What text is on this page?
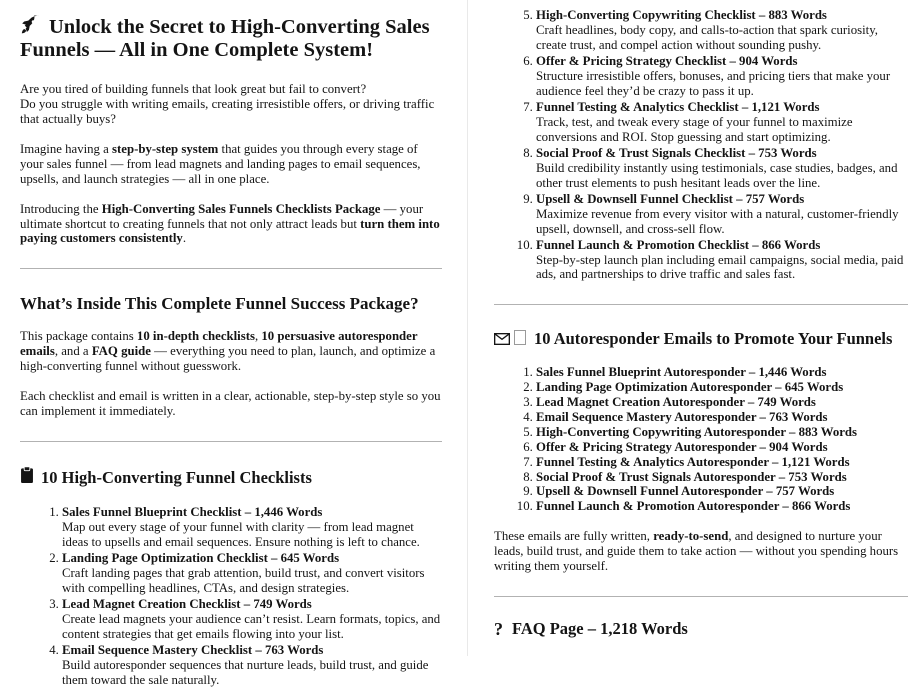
Unlock the Secret to High-Converting Sales Funnels — All in One Complete System!

Are you tired of building funnels that look great but fail to convert?
Do you struggle with writing emails, creating irresistible offers, or driving traffic that actually buys?

Imagine having a step-by-step system that guides you through every stage of your sales funnel — from lead magnets and landing pages to email sequences, upsells, and launch strategies — all in one place.

Introducing the High-Converting Sales Funnels Checklists Package — your ultimate shortcut to creating funnels that not only attract leads but turn them into paying customers consistently.

What’s Inside This Complete Funnel Success Package?

This package contains 10 in-depth checklists, 10 persuasive autoresponder emails, and a FAQ guide — everything you need to plan, launch, and optimize a high-converting funnel without guesswork.

Each checklist and email is written in a clear, actionable, step-by-step style so you can implement it immediately.

10 High-Converting Funnel Checklists
1. Sales Funnel Blueprint Checklist – 1,446 Words
Map out every stage of your funnel with clarity — from lead magnet ideas to upsells and email sequences. Ensure nothing is left to chance.
2. Landing Page Optimization Checklist – 645 Words
Craft landing pages that grab attention, build trust, and convert visitors with compelling headlines, CTAs, and design strategies.
3. Lead Magnet Creation Checklist – 749 Words
Create lead magnets your audience can’t resist. Learn formats, topics, and content strategies that get emails flowing into your list.
4. Email Sequence Mastery Checklist – 763 Words
Build autoresponder sequences that nurture leads, build trust, and guide them toward the sale naturally.
5. High-Converting Copywriting Checklist – 883 Words
Craft headlines, body copy, and calls-to-action that spark curiosity, create trust, and compel action without sounding pushy.
6. Offer & Pricing Strategy Checklist – 904 Words
Structure irresistible offers, bonuses, and pricing tiers that make your audience feel they’d be crazy to pass it up.
7. Funnel Testing & Analytics Checklist – 1,121 Words
Track, test, and tweak every stage of your funnel to maximize conversions and ROI. Stop guessing and start optimizing.
8. Social Proof & Trust Signals Checklist – 753 Words
Build credibility instantly using testimonials, case studies, badges, and other trust elements to push hesitant leads over the line.
9. Upsell & Downsell Funnel Checklist – 757 Words
Maximize revenue from every visitor with a natural, customer-friendly upsell, downsell, and cross-sell flow.
10. Funnel Launch & Promotion Checklist – 866 Words
Step-by-step launch plan including email campaigns, social media, paid ads, and partnerships to drive traffic and sales fast.
10 Autoresponder Emails to Promote Your Funnels
1. Sales Funnel Blueprint Autoresponder – 1,446 Words
2. Landing Page Optimization Autoresponder – 645 Words
3. Lead Magnet Creation Autoresponder – 749 Words
4. Email Sequence Mastery Autoresponder – 763 Words
5. High-Converting Copywriting Autoresponder – 883 Words
6. Offer & Pricing Strategy Autoresponder – 904 Words
7. Funnel Testing & Analytics Autoresponder – 1,121 Words
8. Social Proof & Trust Signals Autoresponder – 753 Words
9. Upsell & Downsell Funnel Autoresponder – 757 Words
10. Funnel Launch & Promotion Autoresponder – 866 Words

These emails are fully written, ready-to-send, and designed to nurture your leads, build trust, and guide them to take action — without you spending hours writing them yourself.

? FAQ Page – 1,218 Words
